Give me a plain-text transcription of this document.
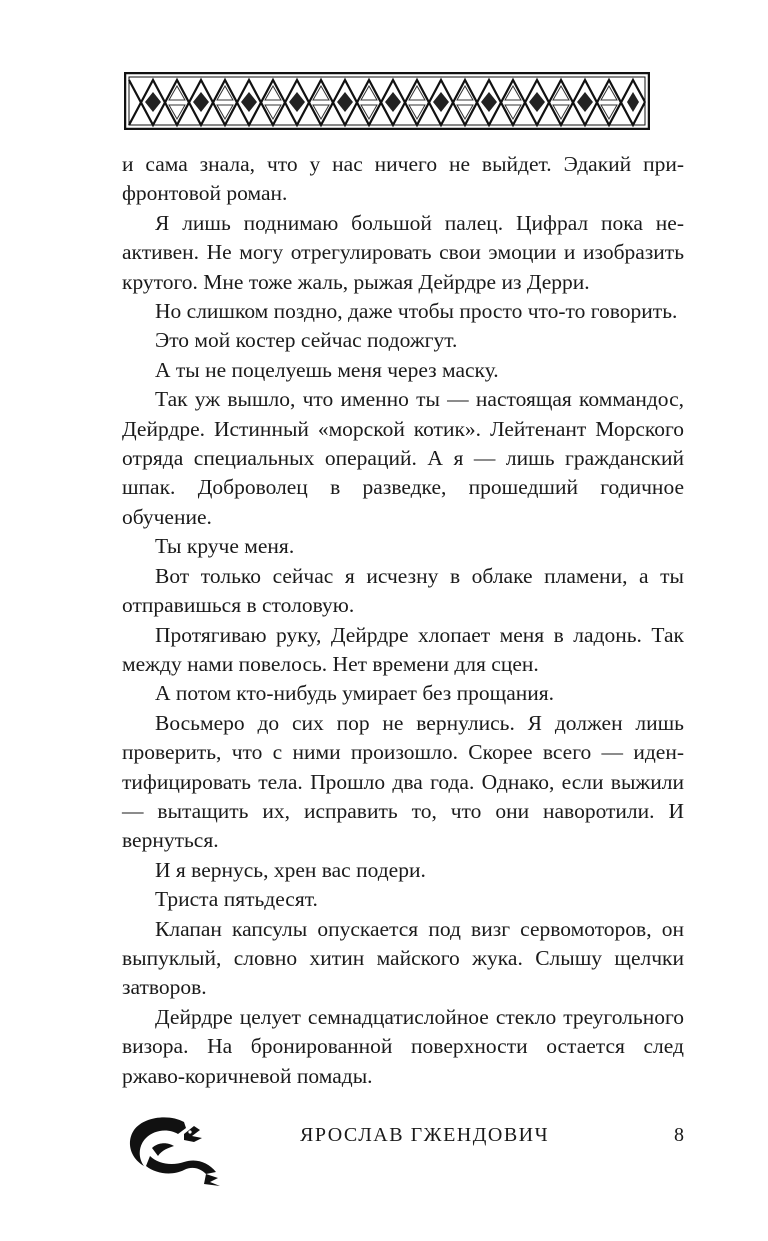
и сама знала, что у нас ничего не выйдет. Эдакий прифронтовой роман.

Я лишь поднимаю большой палец. Цифрал пока неактивен. Не могу отрегулировать свои эмоции и изобразить крутого. Мне тоже жаль, рыжая Дейрдре из Дерри.

Но слишком поздно, даже чтобы просто что-то говорить.

Это мой костер сейчас подожгут.

А ты не поцелуешь меня через маску.

Так уж вышло, что именно ты — настоящая коммандос, Дейрдре. Истинный «морской котик». Лейтенант Морского отряда специальных операций. А я — лишь гражданский шпак. Доброволец в разведке, прошедший годичное обучение.

Ты круче меня.

Вот только сейчас я исчезну в облаке пламени, а ты отправишься в столовую.

Протягиваю руку, Дейрдре хлопает меня в ладонь. Так между нами повелось. Нет времени для сцен.

А потом кто-нибудь умирает без прощания.

Восьмеро до сих пор не вернулись. Я должен лишь проверить, что с ними произошло. Скорее всего — идентифицировать тела. Прошло два года. Однако, если выжили — вытащить их, исправить то, что они наворотили. И вернуться.

И я вернусь, хрен вас подери.

Триста пятьдесят.

Клапан капсулы опускается под визг сервомоторов, он выпуклый, словно хитин майского жука. Слышу щелчки затворов.

Дейрдре целует семнадцатислойное стекло треугольного визора. На бронированной поверхности остается след ржаво-коричневой помады.

ЯРОСЛАВ ГЖЕНДОВИЧ	8
